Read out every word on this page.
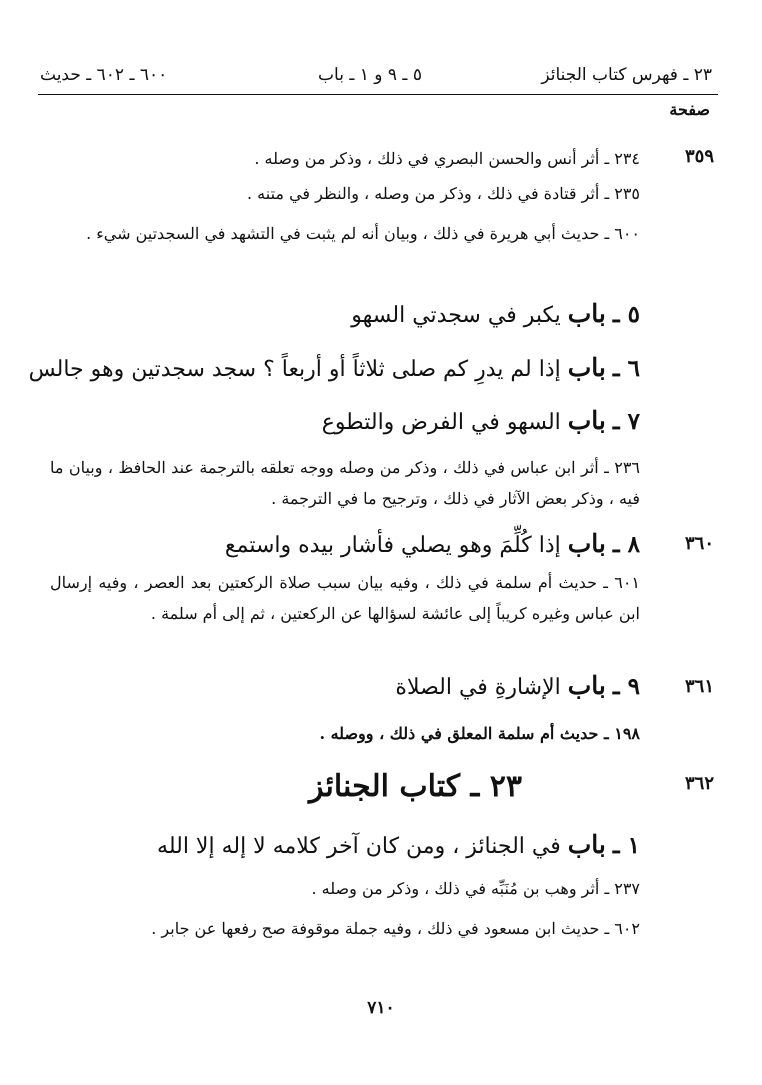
٢٣ ـ فهرس كتاب الجنائز
٥ ـ ٩ و ١ ـ باب
٦٠٠ ـ ٦٠٢ ـ حديث
صفحة
٣٥٩
٣٦٠
٣٦١
٣٦٢
٢٣٤ ـ أثر أنس والحسن البصري في ذلك ، وذكر من وصله .
٢٣٥ ـ أثر قتادة في ذلك ، وذكر من وصله ، والنظر في متنه .
٦٠٠ ـ حديث أبي هريرة في ذلك ، وبيان أنه لم يثبت في التشهد في السجدتين شيء .
٥ ـ باب يكبر في سجدتي السهو
٦ ـ باب إذا لم يدرِ كم صلى ثلاثاً أو أربعاً ؟ سجد سجدتين وهو جالس
٧ ـ باب السهو في الفرض والتطوع
٢٣٦ ـ أثر ابن عباس في ذلك ، وذكر من وصله ووجه تعلقه بالترجمة عند الحافظ ، وبيان ما فيه ، وذكر بعض الآثار في ذلك ، وترجيح ما في الترجمة .
٨ ـ باب إذا كُلِّمَ وهو يصلي فأشار بيده واستمع
٦٠١ ـ حديث أم سلمة في ذلك ، وفيه بيان سبب صلاة الركعتين بعد العصر ، وفيه إرسال ابن عباس وغيره كريباً إلى عائشة لسؤالها عن الركعتين ، ثم إلى أم سلمة .
٩ ـ باب الإشارةِ في الصلاة
١٩٨ ـ حديث أم سلمة المعلق في ذلك ، ووصله .
٢٣ ـ كتاب الجنائز
١ ـ باب في الجنائز ، ومن كان آخر كلامه لا إله إلا الله
٢٣٧ ـ أثر وهب بن مُنَبِّه في ذلك ، وذكر من وصله .
٦٠٢ ـ حديث ابن مسعود في ذلك ، وفيه جملة موقوفة صح رفعها عن جابر .
٧١٠
